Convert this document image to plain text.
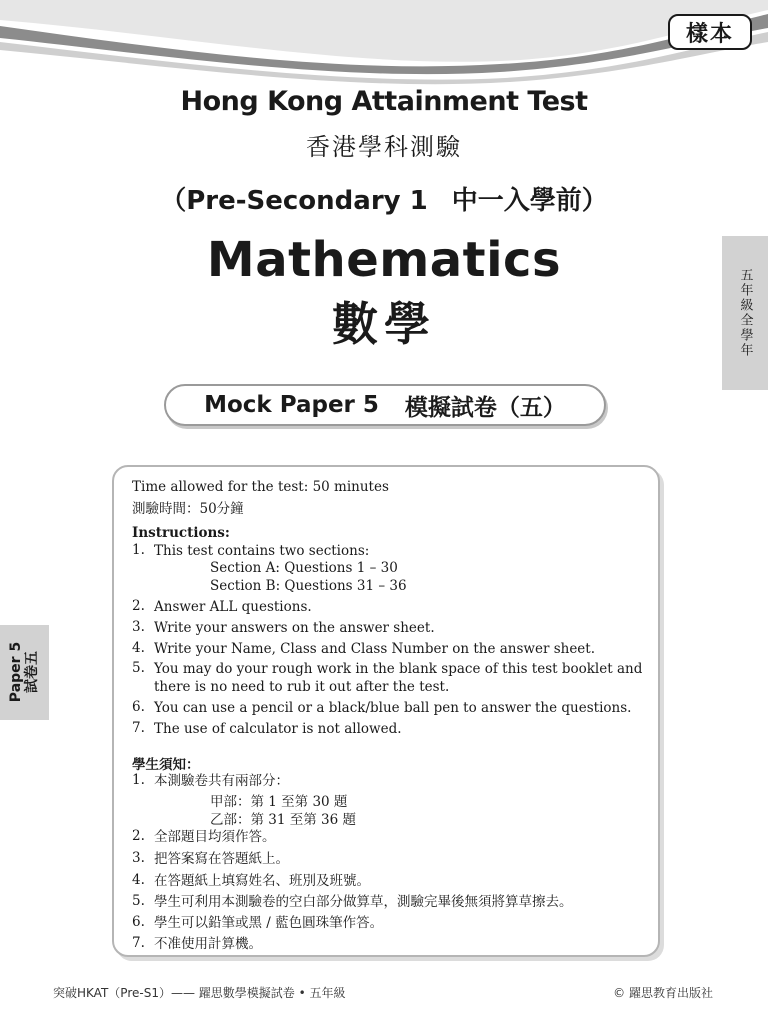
樣本
Hong Kong Attainment Test
香港學科測驗
（Pre-Secondary 1 中一入學前）
Mathematics
數學
Mock Paper 5 模擬試卷（五）
五年級全學年
Paper 5 試卷五
Time allowed for the test: 50 minutes
測驗時間：50分鐘
Instructions:
1. This test contains two sections:
Section A: Questions 1 – 30
Section B: Questions 31 – 36
2. Answer ALL questions.
3. Write your answers on the answer sheet.
4. Write your Name, Class and Class Number on the answer sheet.
5. You may do your rough work in the blank space of this test booklet and there is no need to rub it out after the test.
6. You can use a pencil or a black/blue ball pen to answer the questions.
7. The use of calculator is not allowed.
學生須知：
1. 本測驗卷共有兩部分：
甲部：第 1 至第 30 題
乙部：第 31 至第 36 題
2. 全部題目均須作答。
3. 把答案寫在答題紙上。
4. 在答題紙上填寫姓名、班別及班號。
5. 學生可利用本測驗卷的空白部分做算草，測驗完畢後無須將算草擦去。
6. 學生可以鉛筆或黑 / 藍色圓珠筆作答。
7. 不准使用計算機。
突破HKAT（Pre-S1）—— 躍思數學模擬試卷 • 五年級	© 躍思教育出版社
